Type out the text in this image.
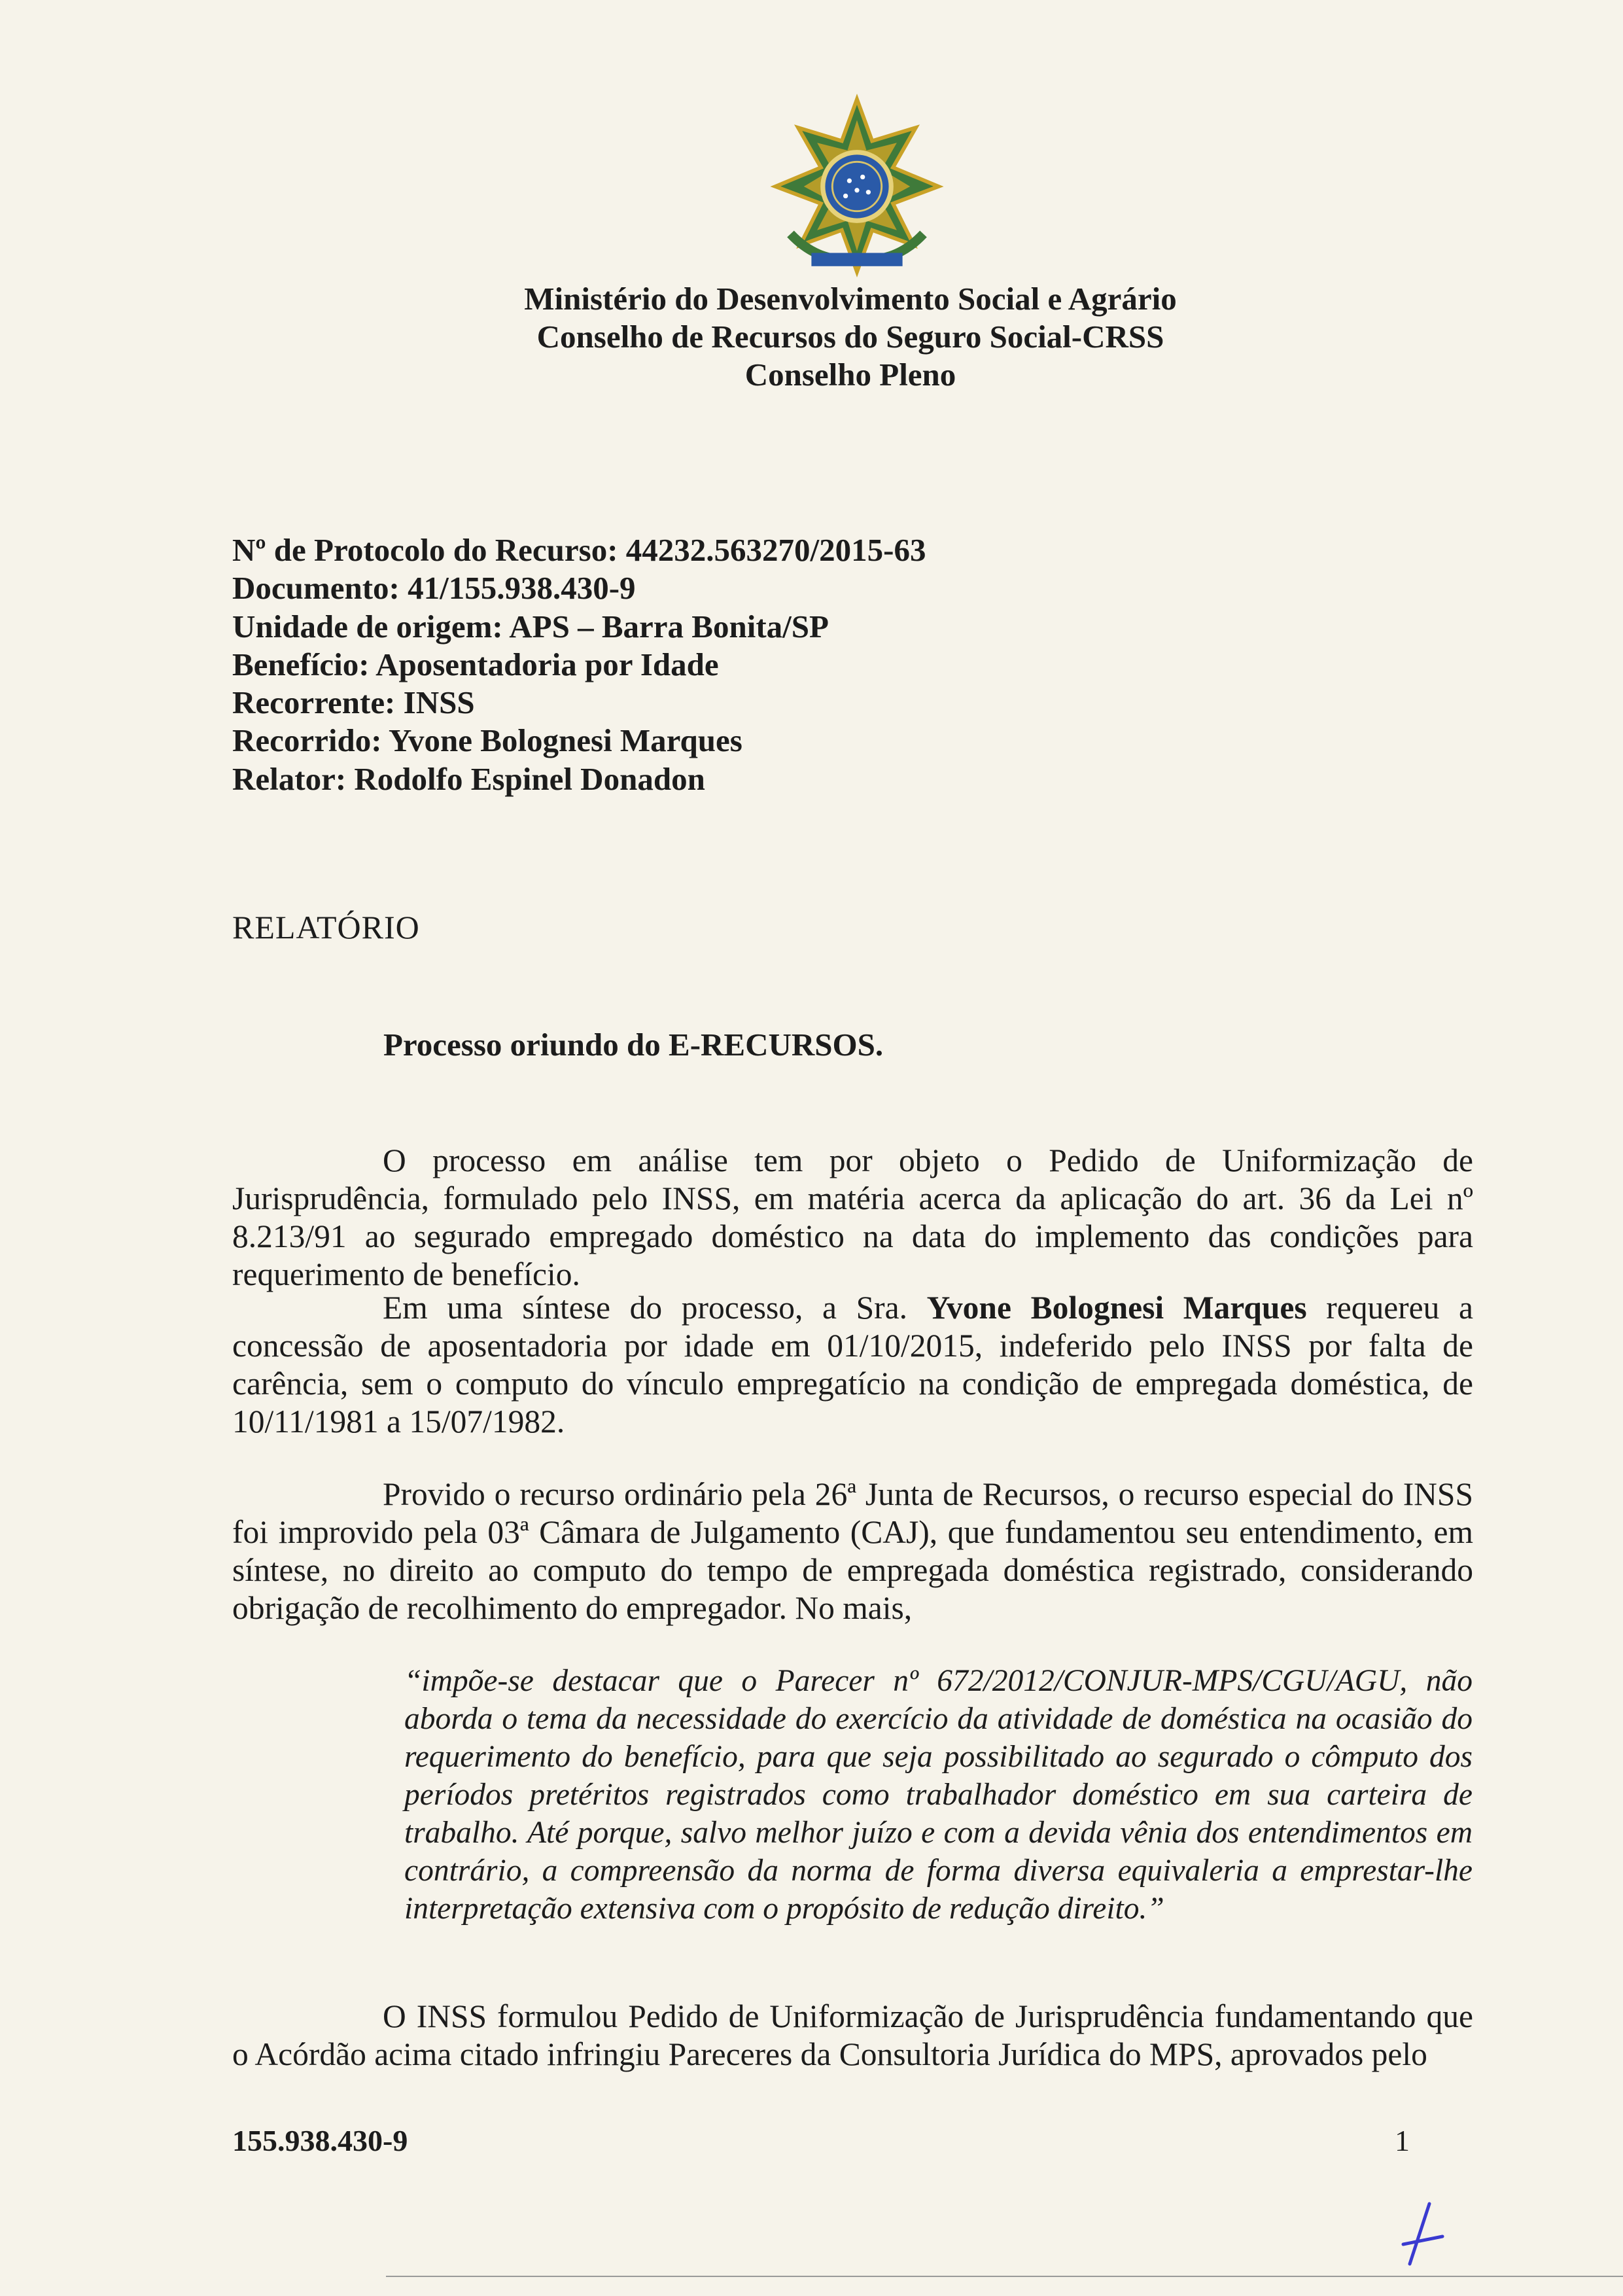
Ministério do Desenvolvimento Social e Agrário
Conselho de Recursos do Seguro Social-CRSS
Conselho Pleno
Nº de Protocolo do Recurso: 44232.563270/2015-63
Documento: 41/155.938.430-9
Unidade de origem: APS – Barra Bonita/SP
Benefício: Aposentadoria por Idade
Recorrente: INSS
Recorrido: Yvone Bolognesi Marques
Relator: Rodolfo Espinel Donadon
RELATÓRIO
Processo oriundo do E-RECURSOS.
O processo em análise tem por objeto o Pedido de Uniformização de Jurisprudência, formulado pelo INSS, em matéria acerca da aplicação do art. 36 da Lei nº 8.213/91 ao segurado empregado doméstico na data do implemento das condições para requerimento de benefício.
Em uma síntese do processo, a Sra. Yvone Bolognesi Marques requereu a concessão de aposentadoria por idade em 01/10/2015, indeferido pelo INSS por falta de carência, sem o computo do vínculo empregatício na condição de empregada doméstica, de 10/11/1981 a 15/07/1982.
Provido o recurso ordinário pela 26ª Junta de Recursos, o recurso especial do INSS foi improvido pela 03ª Câmara de Julgamento (CAJ), que fundamentou seu entendimento, em síntese, no direito ao computo do tempo de empregada doméstica registrado, considerando obrigação de recolhimento do empregador. No mais,
“impõe-se destacar que o Parecer nº 672/2012/CONJUR-MPS/CGU/AGU, não aborda o tema da necessidade do exercício da atividade de doméstica na ocasião do requerimento do benefício, para que seja possibilitado ao segurado o cômputo dos períodos pretéritos registrados como trabalhador doméstico em sua carteira de trabalho. Até porque, salvo melhor juízo e com a devida vênia dos entendimentos em contrário, a compreensão da norma de forma diversa equivaleria a emprestar-lhe interpretação extensiva com o propósito de redução direito.”
O INSS formulou Pedido de Uniformização de Jurisprudência fundamentando que o Acórdão acima citado infringiu Pareceres da Consultoria Jurídica do MPS, aprovados pelo
155.938.430-9	1
